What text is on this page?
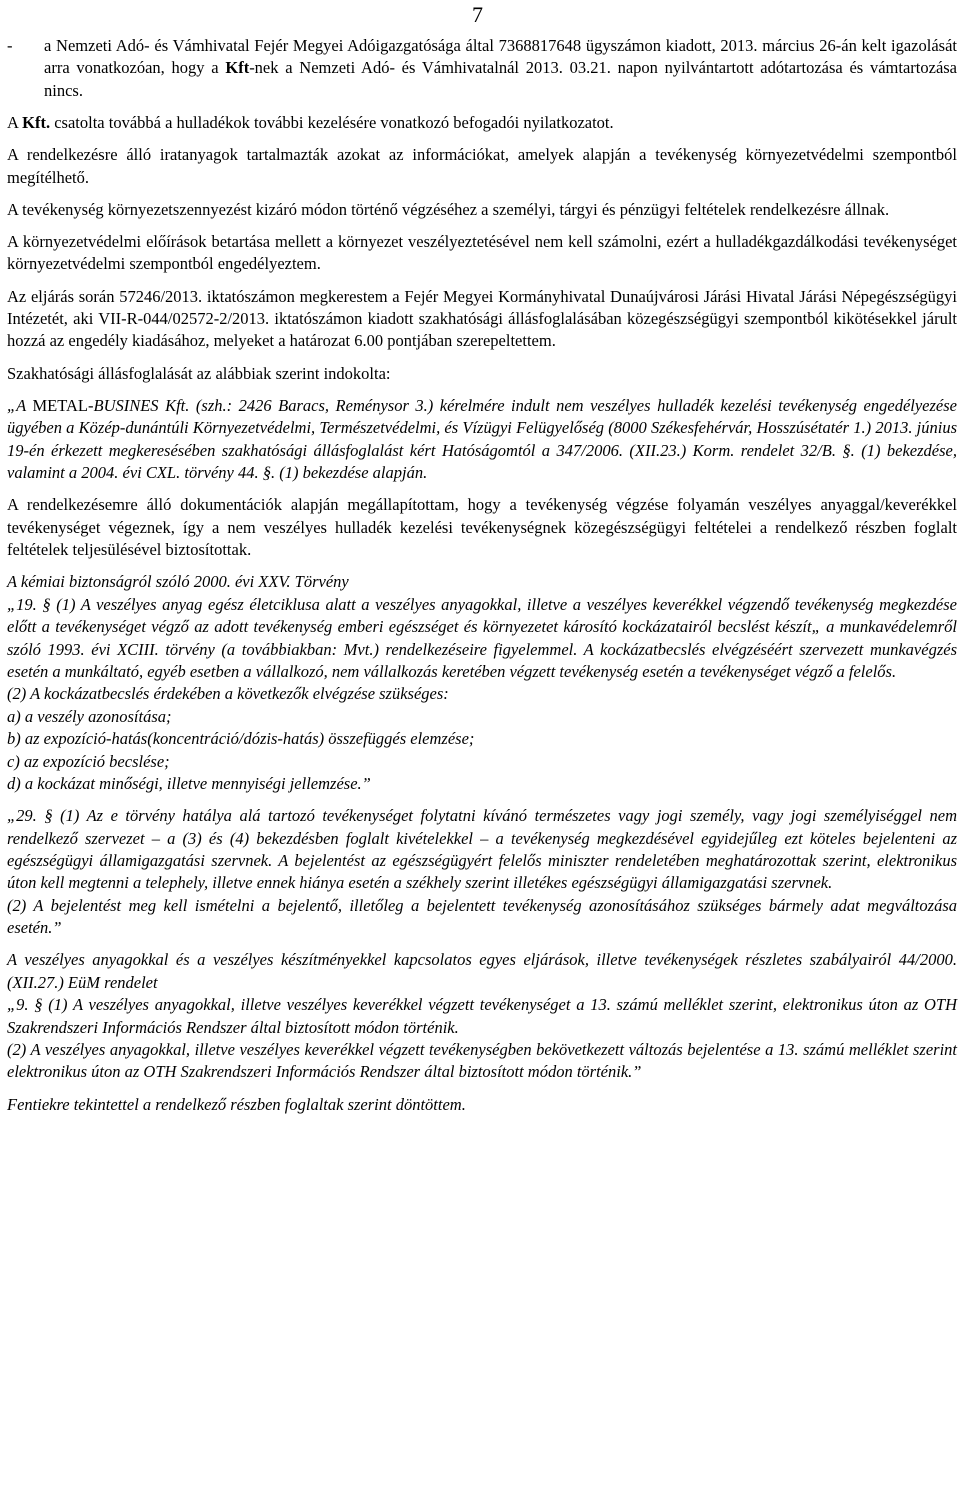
7

- a Nemzeti Adó- és Vámhivatal Fejér Megyei Adóigazgatósága által 7368817648 ügyszámon kiadott, 2013. március 26-án kelt igazolását arra vonatkozóan, hogy a Kft-nek a Nemzeti Adó- és Vámhivatalnál 2013. 03.21. napon nyilvántartott adótartozása és vámtartozása nincs.

A Kft. csatolta továbbá a hulladékok további kezelésére vonatkozó befogadói nyilatkozatot.

A rendelkezésre álló iratanyagok tartalmazták azokat az információkat, amelyek alapján a tevékenység környezetvédelmi szempontból megítélhető.

A tevékenység környezetszennyezést kizáró módon történő végzéséhez a személyi, tárgyi és pénzügyi feltételek rendelkezésre állnak.

A környezetvédelmi előírások betartása mellett a környezet veszélyeztetésével nem kell számolni, ezért a hulladékgazdálkodási tevékenységet környezetvédelmi szempontból engedélyeztem.

Az eljárás során 57246/2013. iktatószámon megkerestem a Fejér Megyei Kormányhivatal Dunaújvárosi Járási Hivatal Járási Népegészségügyi Intézetét, aki VII-R-044/02572-2/2013. iktatószámon kiadott szakhatósági állásfoglalásában közegészségügyi szempontból kikötésekkel járult hozzá az engedély kiadásához, melyeket a határozat 6.00 pontjában szerepeltettem.

Szakhatósági állásfoglalását az alábbiak szerint indokolta:

„A METAL-BUSINES Kft. (szh.: 2426 Baracs, Reménysor 3.) kérelmére indult nem veszélyes hulladék kezelési tevékenység engedélyezése ügyében a Közép-dunántúli Környezetvédelmi, Természetvédelmi, és Vízügyi Felügyelőség (8000 Székesfehérvár, Hosszúsétatér 1.) 2013. június 19-én érkezett megkeresésében szakhatósági állásfoglalást kért Hatóságomtól a 347/2006. (XII.23.) Korm. rendelet 32/B. §. (1) bekezdése, valamint a 2004. évi CXL. törvény 44. §. (1) bekezdése alapján.

A rendelkezésemre álló dokumentációk alapján megállapítottam, hogy a tevékenység végzése folyamán veszélyes anyaggal/keverékkel tevékenységet végeznek, így a nem veszélyes hulladék kezelési tevékenységnek közegészségügyi feltételei a rendelkező részben foglalt feltételek teljesülésével biztosítottak.

A kémiai biztonságról szóló 2000. évi XXV. Törvény

„19. § (1) A veszélyes anyag egész életciklusa alatt a veszélyes anyagokkal, illetve a veszélyes keverékkel végzendő tevékenység megkezdése előtt a tevékenységet végző az adott tevékenység emberi egészséget és környezetet károsító kockázatairól becslést készít„ a munkavédelemről szóló 1993. évi XCIII. törvény (a továbbiakban: Mvt.) rendelkezéseire figyelemmel. A kockázatbecslés elvégzéséért szervezett munkavégzés esetén a munkáltató, egyéb esetben a vállalkozó, nem vállalkozás keretében végzett tevékenység esetén a tevékenységet végző a felelős.

(2) A kockázatbecslés érdekében a következők elvégzése szükséges:

a) a veszély azonosítása;

b) az expozíció-hatás(koncentráció/dózis-hatás) összefüggés elemzése;

c) az expozíció becslése;

d) a kockázat minőségi, illetve mennyiségi jellemzése.”

„29. § (1) Az e törvény hatálya alá tartozó tevékenységet folytatni kívánó természetes vagy jogi személy, vagy jogi személyiséggel nem rendelkező szervezet – a (3) és (4) bekezdésben foglalt kivételekkel – a tevékenység megkezdésével egyidejűleg ezt köteles bejelenteni az egészségügyi államigazgatási szervnek. A bejelentést az egészségügyért felelős miniszter rendeletében meghatározottak szerint, elektronikus úton kell megtenni a telephely, illetve ennek hiánya esetén a székhely szerint illetékes egészségügyi államigazgatási szervnek.

(2) A bejelentést meg kell ismételni a bejelentő, illetőleg a bejelentett tevékenység azonosításához szükséges bármely adat megváltozása esetén.”

A veszélyes anyagokkal és a veszélyes készítményekkel kapcsolatos egyes eljárások, illetve tevékenységek részletes szabályairól 44/2000. (XII.27.) EüM rendelet

„9. § (1) A veszélyes anyagokkal, illetve veszélyes keverékkel végzett tevékenységet a 13. számú melléklet szerint, elektronikus úton az OTH Szakrendszeri Információs Rendszer által biztosított módon történik.

(2) A veszélyes anyagokkal, illetve veszélyes keverékkel végzett tevékenységben bekövetkezett változás bejelentése a 13. számú melléklet szerint elektronikus úton az OTH Szakrendszeri Információs Rendszer által biztosított módon történik.”

Fentiekre tekintettel a rendelkező részben foglaltak szerint döntöttem.
